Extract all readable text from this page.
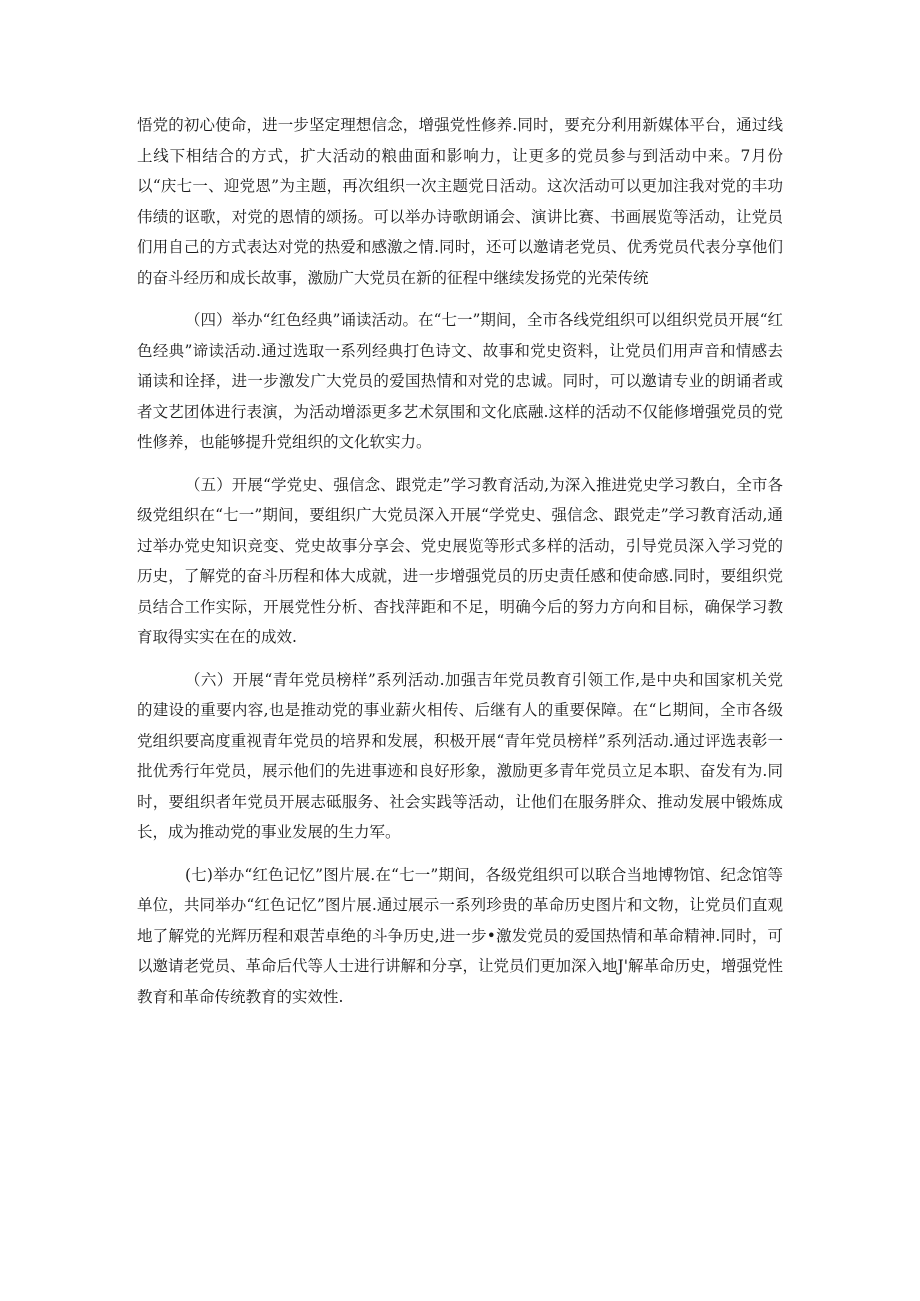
悟党的初心使命，进一步坚定理想信念，增强党性修养.同时，要充分利用新媒体平台，通过线上线下相结合的方式，扩大活动的粮曲面和影响力，让更多的党员参与到活动中来。7月份以“庆七一、迎党恩”为主题，再次组织一次主题党日活动。这次活动可以更加注我对党的丰功伟绩的讴歌，对党的恩情的颂扬。可以举办诗歌朗诵会、演讲比赛、书画展览等活动，让党员们用自己的方式表达对党的热爱和感激之情.同时，还可以邀请老党员、优秀党员代表分享他们的奋斗经历和成长故事，激励广大党员在新的征程中继续发扬党的光荣传统

（四）举办“红色经典”诵读活动。在“七一”期间，全市各线党组织可以组织党员开展“红色经典”谛读活动.通过选取一系列经典打色诗文、故事和党史资料，让党员们用声音和情感去诵读和诠择，进一步激发广大党员的爱国热情和对党的忠诚。同时，可以邀请专业的朗诵者或者文艺团体进行表演，为活动增添更多艺术氛围和文化底融.这样的活动不仅能修增强党员的党性修养，也能够提升党组织的文化软实力。

（五）开展“学党史、强信念、跟党走”学习教育活动,为深入推进党史学习教白，全市各级党组织在“七一”期间，要组织广大党员深入开展“学党史、强信念、跟党走”学习教育活动,通过举办党史知识竞变、党史故事分享会、党史展览等形式多样的活动，引导党员深入学习党的历史，了解党的奋斗历程和体大成就，进一步增强党员的历史责任感和使命感.同时，要组织党员结合工作实际，开展党性分析、杳找萍距和不足，明确今后的努力方向和目标，确保学习教育取得实实在在的成效.

（六）开展“青年党员榜样”系列活动.加强吉年党员教育引领工作,是中央和国家机关党的建设的重要内容,也是推动党的事业薪火相传、后继有人的重要保障。在“匕期间，全市各级党组织要高度重视青年党员的培界和发展，积极开展“青年党员榜样”系列活动.通过评选表彰一批优秀行年党员，展示他们的先进事迹和良好形象，激励更多青年党员立足本职、奋发有为.同时，要组织者年党员开展志砥服务、社会实践等活动，让他们在服务胖众、推动发展中锻炼成长，成为推动党的事业发展的生力军。

(七)举办“红色记忆”图片展.在“七一”期间，各级党组织可以联合当地博物馆、纪念馆等单位，共同举办“红色记忆”图片展.通过展示一系列珍贵的革命历史图片和文物，让党员们直观地了解党的光辉历程和艰苦卓绝的斗争历史,进一步•激发党员的爱国热情和革命精神.同时，可以邀请老党员、革命后代等人士进行讲解和分享，让党员们更加深入地J'解革命历史，增强党性教育和革命传统教育的实效性.
